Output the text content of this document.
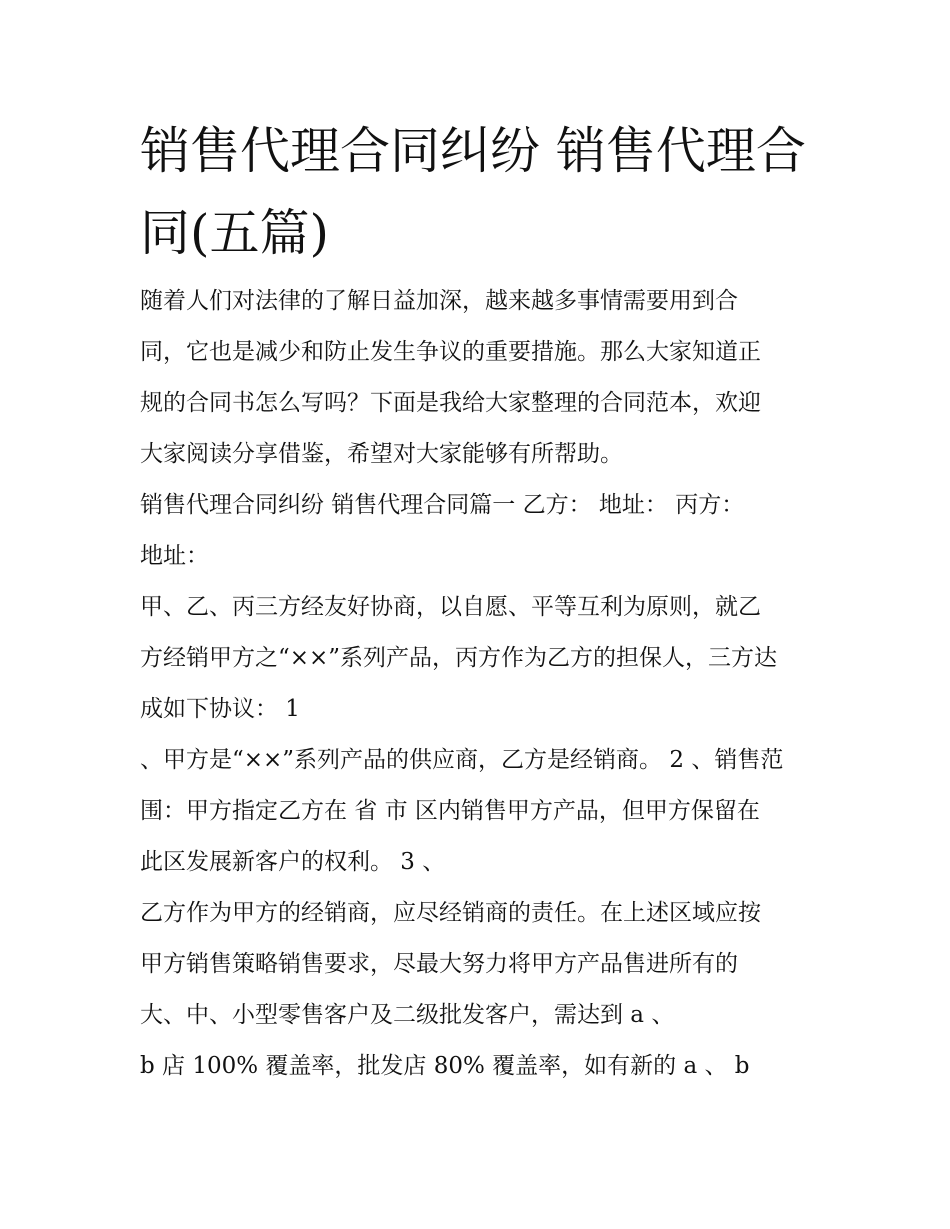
销售代理合同纠纷 销售代理合
同(五篇)

随着人们对法律的了解日益加深，越来越多事情需要用到合

同，它也是减少和防止发生争议的重要措施。那么大家知道正

规的合同书怎么写吗？下面是我给大家整理的合同范本，欢迎

大家阅读分享借鉴，希望对大家能够有所帮助。

销售代理合同纠纷 销售代理合同篇一 乙方： 地址： 丙方：

地址：

甲、乙、丙三方经友好协商，以自愿、平等互利为原则，就乙

方经销甲方之“××”系列产品，丙方作为乙方的担保人，三方达

成如下协议： 1

、甲方是“××”系列产品的供应商，乙方是经销商。 2 、销售范

围：甲方指定乙方在 省 市 区内销售甲方产品，但甲方保留在

此区发展新客户的权利。 3 、

乙方作为甲方的经销商，应尽经销商的责任。在上述区域应按

甲方销售策略销售要求，尽最大努力将甲方产品售进所有的

大、中、小型零售客户及二级批发客户，需达到 a 、

b 店 100% 覆盖率，批发店 80% 覆盖率，如有新的 a 、 b
